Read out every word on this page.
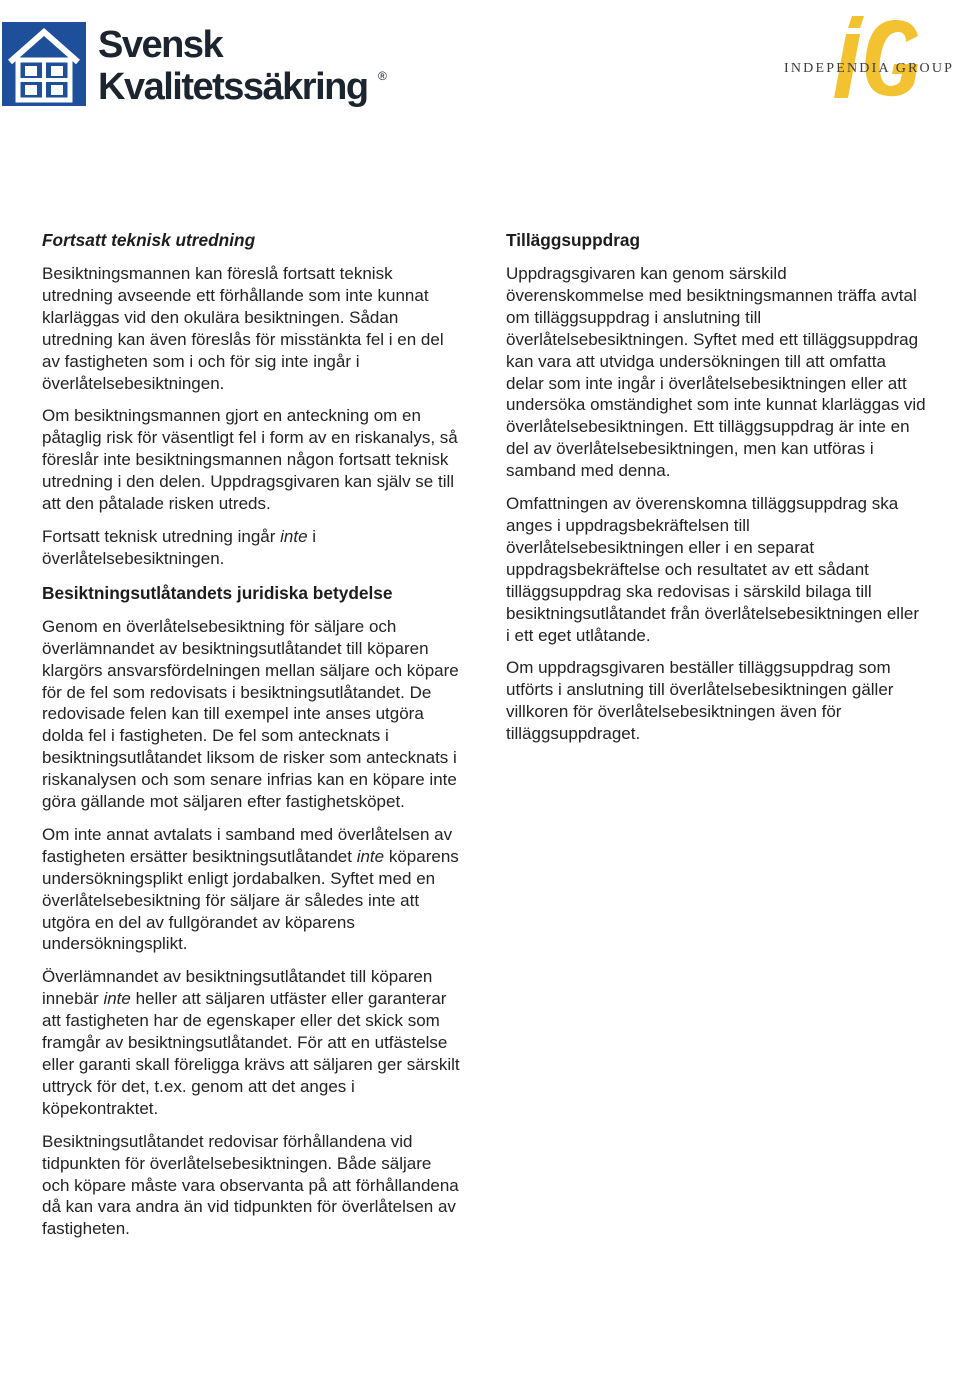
Svensk
Kvalitetssäkring ®	INDEPENDIA GROUP
Fortsatt teknisk utredning

Besiktningsmannen kan föreslå fortsatt teknisk utredning avseende ett förhållande som inte kunnat klarläggas vid den okulära besiktningen. Sådan utredning kan även föreslås för misstänkta fel i en del av fastigheten som i och för sig inte ingår i överlåtelsebesiktningen.

Om besiktningsmannen gjort en anteckning om en påtaglig risk för väsentligt fel i form av en riskanalys, så föreslår inte besiktningsmannen någon fortsatt teknisk utredning i den delen. Uppdragsgivaren kan själv se till att den påtalade risken utreds.

Fortsatt teknisk utredning ingår inte i överlåtelsebesiktningen.

Besiktningsutlåtandets juridiska betydelse

Genom en överlåtelsebesiktning för säljare och överlämnandet av besiktningsutlåtandet till köparen klargörs ansvarsfördelningen mellan säljare och köpare för de fel som redovisats i besiktningsutlåtandet. De redovisade felen kan till exempel inte anses utgöra dolda fel i fastigheten. De fel som antecknats i besiktningsutlåtandet liksom de risker som antecknats i riskanalysen och som senare infrias kan en köpare inte göra gällande mot säljaren efter fastighetsköpet.

Om inte annat avtalats i samband med överlåtelsen av fastigheten ersätter besiktningsutlåtandet inte köparens undersökningsplikt enligt jordabalken. Syftet med en överlåtelsebesiktning för säljare är således inte att utgöra en del av fullgörandet av köparens undersökningsplikt.

Överlämnandet av besiktningsutlåtandet till köparen innebär inte heller att säljaren utfäster eller garanterar att fastigheten har de egenskaper eller det skick som framgår av besiktningsutlåtandet. För att en utfästelse eller garanti skall föreligga krävs att säljaren ger särskilt uttryck för det, t.ex. genom att det anges i köpekontraktet.

Besiktningsutlåtandet redovisar förhållandena vid tidpunkten för överlåtelsebesiktningen. Både säljare och köpare måste vara observanta på att förhållandena då kan vara andra än vid tidpunkten för överlåtelsen av fastigheten.

Tilläggsuppdrag

Uppdragsgivaren kan genom särskild överenskommelse med besiktningsmannen träffa avtal om tilläggsuppdrag i anslutning till överlåtelsebesiktningen. Syftet med ett tilläggsuppdrag kan vara att utvidga undersökningen till att omfatta delar som inte ingår i överlåtelsebesiktningen eller att undersöka omständighet som inte kunnat klarläggas vid överlåtelsebesiktningen. Ett tilläggsuppdrag är inte en del av överlåtelsebesiktningen, men kan utföras i samband med denna.

Omfattningen av överenskomna tilläggsuppdrag ska anges i uppdragsbekräftelsen till överlåtelsebesiktningen eller i en separat uppdragsbekräftelse och resultatet av ett sådant tilläggsuppdrag ska redovisas i särskild bilaga till besiktningsutlåtandet från överlåtelsebesiktningen eller i ett eget utlåtande.

Om uppdragsgivaren beställer tilläggsuppdrag som utförts i anslutning till överlåtelsebesiktningen gäller villkoren för överlåtelsebesiktningen även för tilläggsuppdraget.
